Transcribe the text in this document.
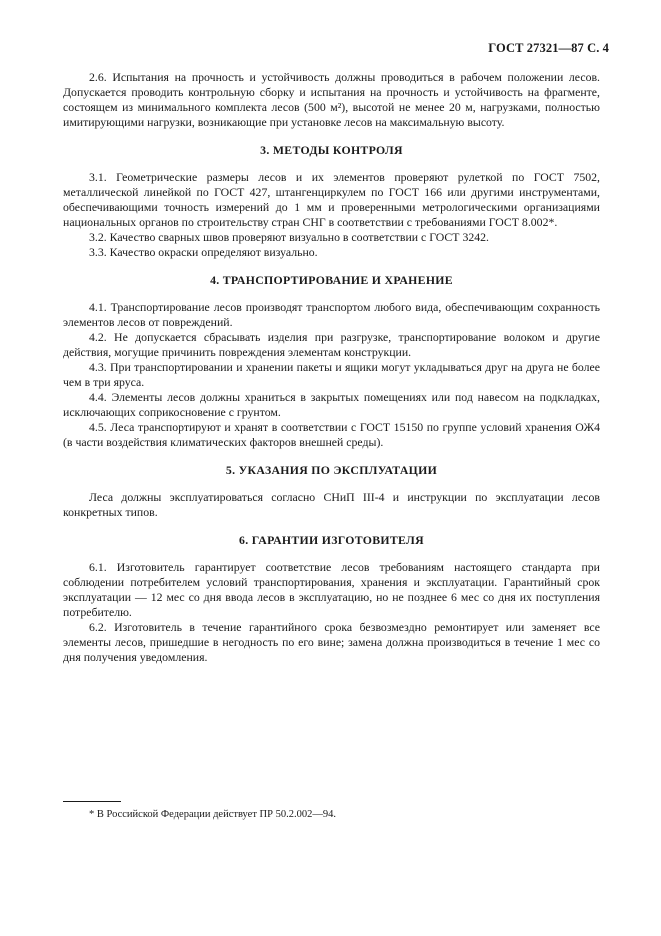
ГОСТ 27321—87 С. 4

2.6. Испытания на прочность и устойчивость должны проводиться в рабочем положении лесов. Допускается проводить контрольную сборку и испытания на прочность и устойчивость на фрагменте, состоящем из минимального комплекта лесов (500 м²), высотой не менее 20 м, нагрузками, полностью имитирующими нагрузки, возникающие при установке лесов на максимальную высоту.

3. МЕТОДЫ КОНТРОЛЯ

3.1. Геометрические размеры лесов и их элементов проверяют рулеткой по ГОСТ 7502, металлической линейкой по ГОСТ 427, штангенциркулем по ГОСТ 166 или другими инструментами, обеспечивающими точность измерений до 1 мм и проверенными метрологическими организациями национальных органов по строительству стран СНГ в соответствии с требованиями ГОСТ 8.002*.

3.2. Качество сварных швов проверяют визуально в соответствии с ГОСТ 3242.

3.3. Качество окраски определяют визуально.

4. ТРАНСПОРТИРОВАНИЕ И ХРАНЕНИЕ

4.1. Транспортирование лесов производят транспортом любого вида, обеспечивающим сохранность элементов лесов от повреждений.

4.2. Не допускается сбрасывать изделия при разгрузке, транспортирование волоком и другие действия, могущие причинить повреждения элементам конструкции.

4.3. При транспортировании и хранении пакеты и ящики могут укладываться друг на друга не более чем в три яруса.

4.4. Элементы лесов должны храниться в закрытых помещениях или под навесом на подкладках, исключающих соприкосновение с грунтом.

4.5. Леса транспортируют и хранят в соответствии с ГОСТ 15150 по группе условий хранения ОЖ4 (в части воздействия климатических факторов внешней среды).

5. УКАЗАНИЯ ПО ЭКСПЛУАТАЦИИ

Леса должны эксплуатироваться согласно СНиП III-4 и инструкции по эксплуатации лесов конкретных типов.

6. ГАРАНТИИ ИЗГОТОВИТЕЛЯ

6.1. Изготовитель гарантирует соответствие лесов требованиям настоящего стандарта при соблюдении потребителем условий транспортирования, хранения и эксплуатации. Гарантийный срок эксплуатации — 12 мес со дня ввода лесов в эксплуатацию, но не позднее 6 мес со дня их поступления потребителю.

6.2. Изготовитель в течение гарантийного срока безвозмездно ремонтирует или заменяет все элементы лесов, пришедшие в негодность по его вине; замена должна производиться в течение 1 мес со дня получения уведомления.

* В Российской Федерации действует ПР 50.2.002—94.
